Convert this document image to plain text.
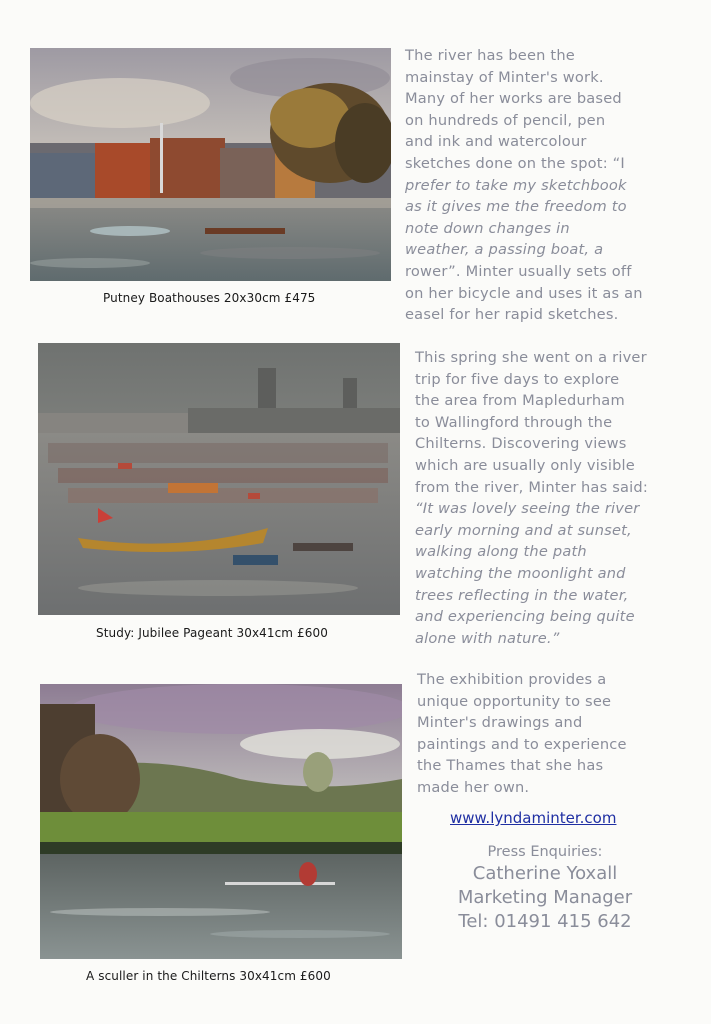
Putney Boathouses 20x30cm £475
Study: Jubilee Pageant 30x41cm £600
A sculler in the Chilterns 30x41cm £600

The river has been the

mainstay of Minter's work.

Many of her works are based

on hundreds of pencil, pen

and ink and watercolour

sketches done on the spot: “I

prefer to take my sketchbook

as it gives me the freedom to

note down changes in

weather, a passing boat, a

rower”. Minter usually sets off

on her bicycle and uses it as an

easel for her rapid sketches.

This spring she went on a river

trip for five days to explore

the area from Mapledurham

to Wallingford through the

Chilterns. Discovering views

which are usually only visible

from the river, Minter has said:

“It was lovely seeing the river

early morning and at sunset,

walking along the path

watching the moonlight and

trees reflecting in the water,

and experiencing being quite

alone with nature.”

The exhibition provides a

unique opportunity to see

Minter's drawings and

paintings and to experience

the Thames that she has

made her own.

www.lyndaminter.com
Press Enquiries:
Catherine Yoxall
Marketing Manager
Tel: 01491 415 642
